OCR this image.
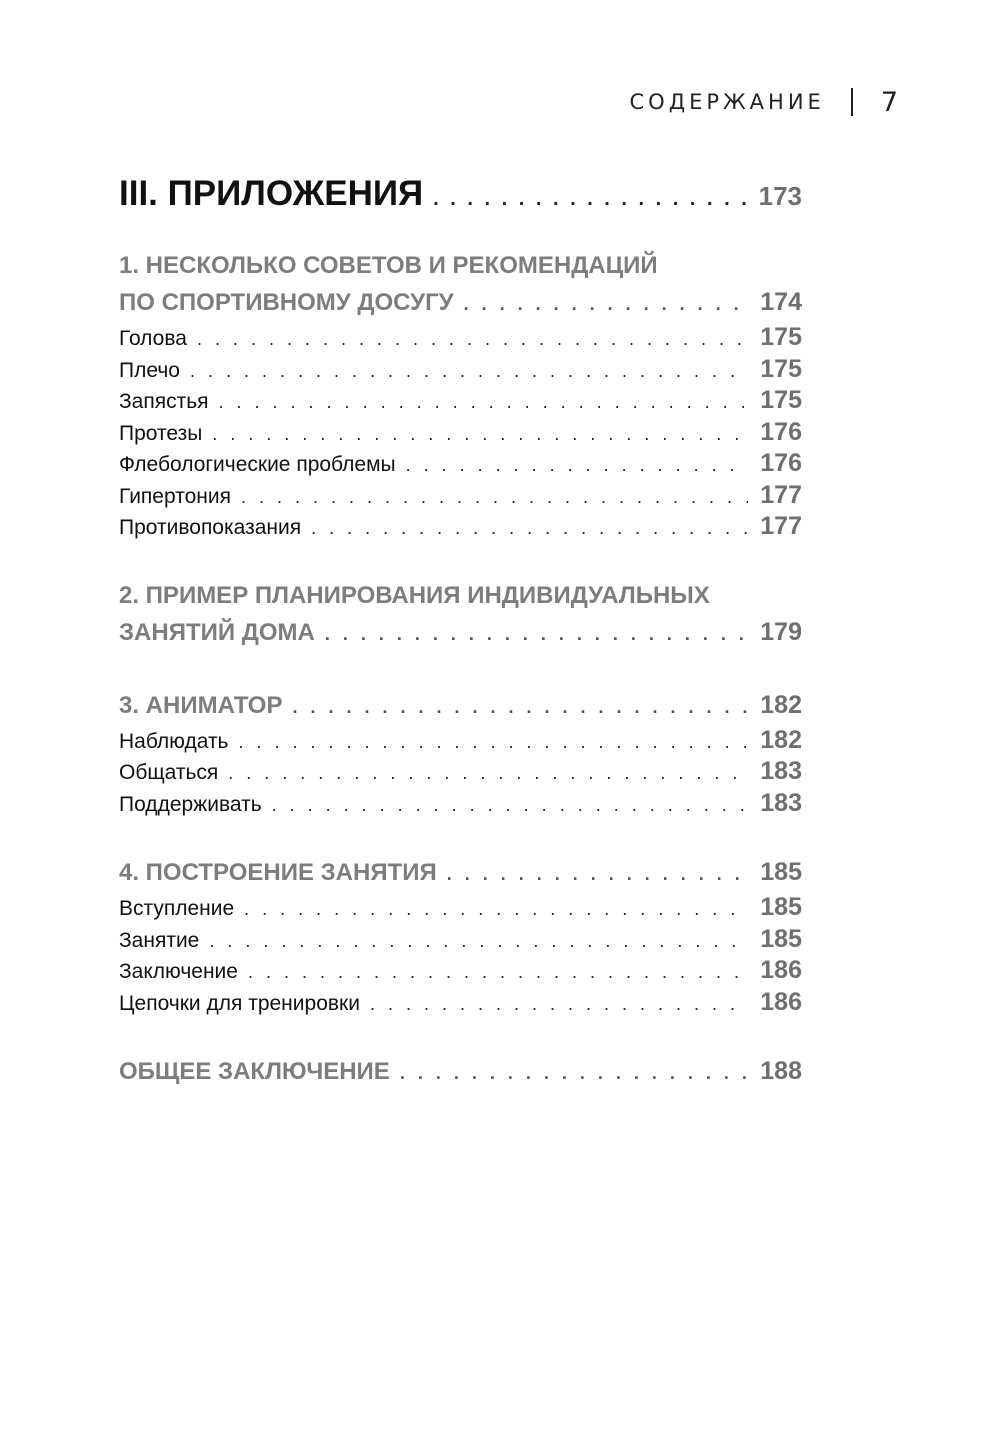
СОДЕРЖАНИЕ 7
III. ПРИЛОЖЕНИЯ . . .	173
1. НЕСКОЛЬКО СОВЕТОВ И РЕКОМЕНДАЦИЙ
ПО СПОРТИВНОМУ ДОСУГУ . . .	174
Голова . . .	175
Плечо . . .	175
Запястья . . .	175
Протезы . . .	176
Флебологические проблемы . . .	176
Гипертония . . .	177
Противопоказания . . .	177
2. ПРИМЕР ПЛАНИРОВАНИЯ ИНДИВИДУАЛЬНЫХ
ЗАНЯТИЙ ДОМА . . .	179
3. АНИМАТОР . . .	182
Наблюдать . . .	182
Общаться . . .	183
Поддерживать . . .	183
4. ПОСТРОЕНИЕ ЗАНЯТИЯ . . .	185
Вступление . . .	185
Занятие . . .	185
Заключение . . .	186
Цепочки для тренировки . . .	186
ОБЩЕЕ ЗАКЛЮЧЕНИЕ . . .	188
